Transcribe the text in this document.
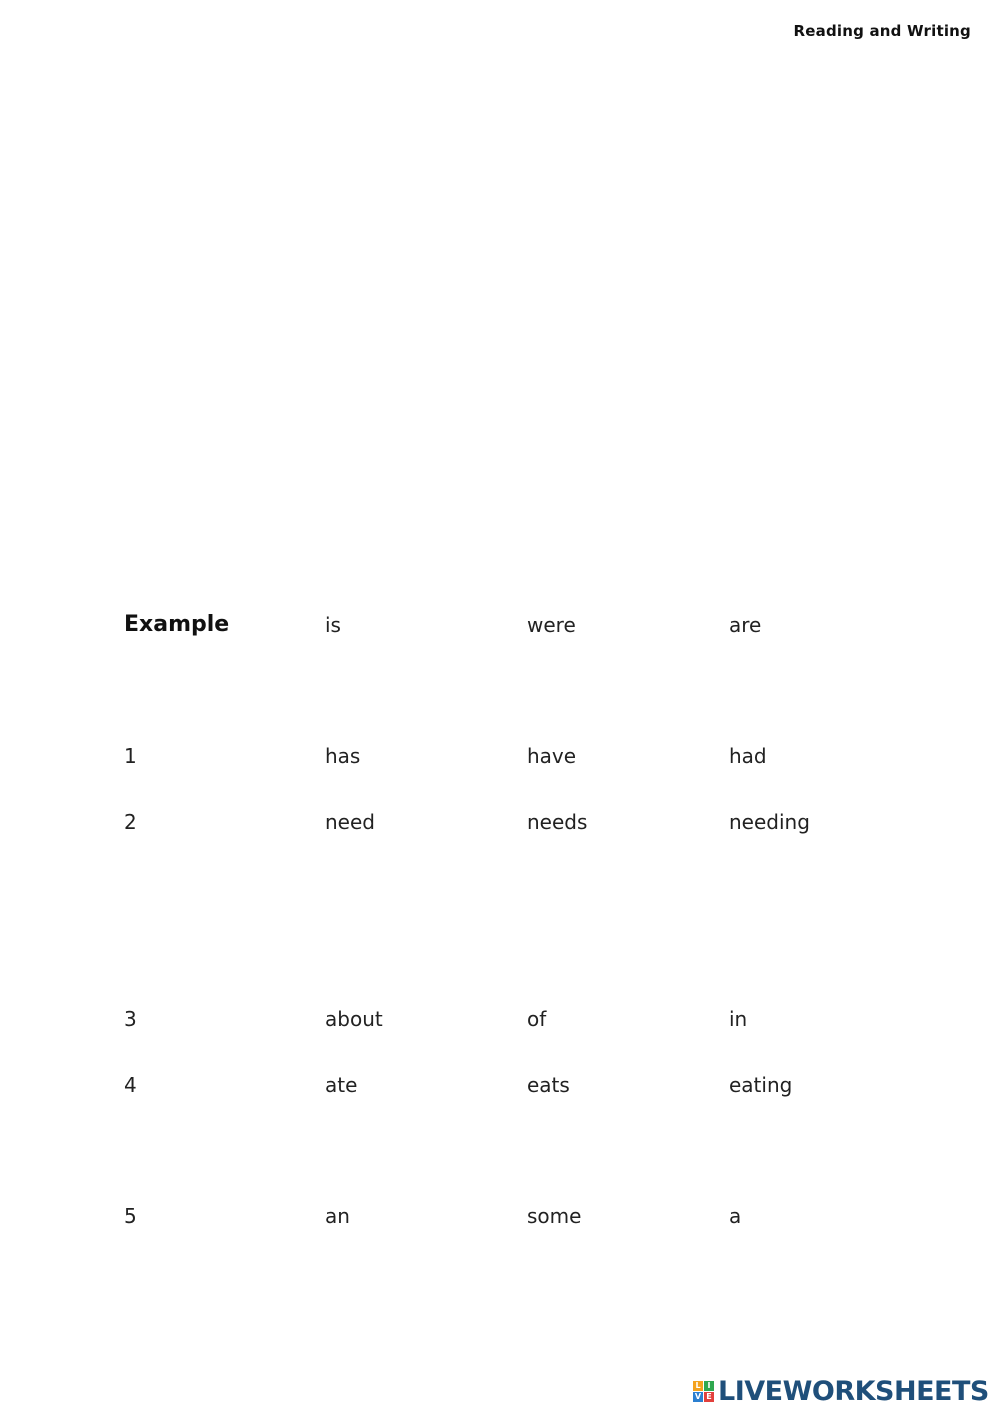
Reading and Writing
Example	is	were	are
1	has	have	had
2	need	needs	needing
3	about	of	in
4	ate	eats	eating
5	an	some	a
L I
V E LIVEWORKSHEETS
